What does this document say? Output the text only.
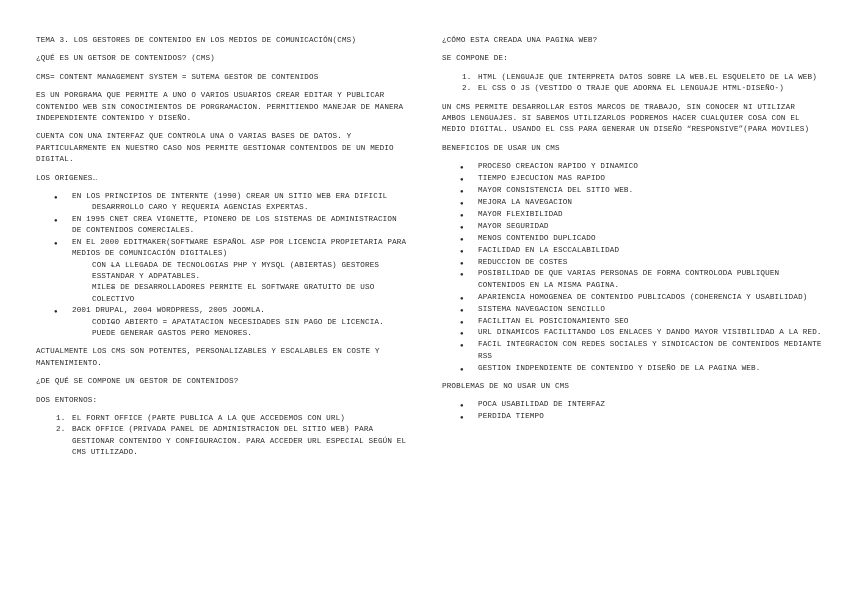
TEMA 3. LOS GESTORES DE CONTENIDO EN LOS MEDIOS DE COMUNICACIÓN(CMS)

¿QUÉ ES UN GETSOR DE CONTENIDOS? (CMS)

CMS= CONTENT MANAGEMENT SYSTEM = SUTEMA GESTOR DE CONTENIDOS

ES UN PORGRAMA QUE PERMITE A UNO O VARIOS USUARIOS CREAR EDITAR Y PUBLICAR CONTENIDO WEB SIN CONOCIMIENTOS DE PORGRAMACION. PERMITIENDO MANEJAR DE MANERA INDEPENDIENTE CONTENIDO Y DISEÑO.

CUENTA CON UNA INTERFAZ QUE CONTROLA UNA O VARIAS BASES DE DATOS. Y PARTICULARMENTE EN NUESTRO CASO NOS PERMITE GESTIONAR CONTENIDOS DE UN MEDIO DIGITAL.

LOS ORIGENES…

● EN LOS PRINCIPIOS DE INTERNTE (1990) CREAR UN SITIO WEB ERA DIFICIL
– DESARRROLLO CARO Y REQUERIA AGENCIAS EXPERTAS.
● EN 1995 CNET CREA VIGNETTE, PIONERO DE LOS SISTEMAS DE ADMINISTRACION DE CONTENIDOS COMERCIALES.
● EN EL 2000 EDITMAKER(SOFTWARE ESPAÑOL ASP POR LICENCIA PROPIETARIA PARA MEDIOS DE COMUNICACIÓN DIGITALES)
– CON LA LLEGADA DE TECNOLOGIAS PHP Y MYSQL (ABIERTAS) GESTORES ESSTANDAR Y ADPATABLES.
– MILES DE DESARROLLADORES PERMITE EL SOFTWARE GRATUITO DE USO COLECTIVO
● 2001 DRUPAL, 2004 WORDPRESS, 2005 JOOMLA.
– CODIGO ABIERTO = APATATACION NECESIDADES SIN PAGO DE LICENCIA. PUEDE GENERAR GASTOS PERO MENORES.

ACTUALMENTE LOS CMS SON POTENTES, PERSONALIZABLES Y ESCALABLES EN COSTE Y MANTENIMIENTO.

¿DE QUÉ SE COMPONE UN GESTOR DE CONTENIDOS?

DOS ENTORNOS:

1. EL FORNT OFFICE (PARTE PUBLICA A LA QUE ACCEDEMOS CON URL)
2. BACK OFFICE (PRIVADA PANEL DE ADMINISTRACION DEL SITIO WEB) PARA GESTIONAR CONTENIDO Y CONFIGURACION. PARA ACCEDER URL ESPECIAL SEGÚN EL CMS UTILIZADO.

¿CÓMO ESTA CREADA UNA PAGINA WEB?

SE COMPONE DE:

1. HTML (LENGUAJE QUE INTERPRETA DATOS SOBRE LA WEB.EL ESQUELETO DE LA WEB)
2. EL CSS O JS (VESTIDO O TRAJE QUE ADORNA EL LENGUAJE HTML-DISEÑO-)

UN CMS PERMITE DESARROLLAR ESTOS MARCOS DE TRABAJO, SIN CONOCER NI UTILIZAR AMBOS LENGUAJES. SI SABEMOS UTILIZARLOS PODREMOS HACER CUALQUIER COSA CON EL MEDIO DIGITAL. USANDO EL CSS PARA GENERAR UN DISEÑO “RESPONSIVE”(PARA MOVILES)

BENEFICIOS DE USAR UN CMS

● PROCESO CREACION RAPIDO Y DINAMICO
● TIEMPO EJECUCION MAS RAPIDO
● MAYOR CONSISTENCIA DEL SITIO WEB.
● MEJORA LA NAVEGACION
● MAYOR FLEXIBILIDAD
● MAYOR SEGURIDAD
● MENOS CONTENIDO DUPLICADO
● FACILIDAD EN LA ESCCALABILIDAD
● REDUCCION DE COSTES
● POSIBILIDAD DE QUE VARIAS PERSONAS DE FORMA CONTROLODA PUBLIQUEN CONTENIDOS EN LA MISMA PAGINA.
● APARIENCIA HOMOGENEA DE CONTENIDO PUBLICADOS (COHERENCIA Y USABILIDAD)
● SISTEMA NAVEGACION SENCILLO
● FACILITAN EL POSICIONAMIENTO SEO
● URL DINAMICOS FACILITANDO LOS ENLACES Y DANDO MAYOR VISIBILIDAD A LA RED.
● FACIL INTEGRACION CON REDES SOCIALES Y SINDICACION DE CONTENIDOS MEDIANTE RSS
● GESTION INDPENDIENTE DE CONTENIDO Y DISEÑO DE LA PAGINA WEB.

PROBLEMAS DE NO USAR UN CMS

● POCA USABILIDAD DE INTERFAZ
● PERDIDA TIEMPO
